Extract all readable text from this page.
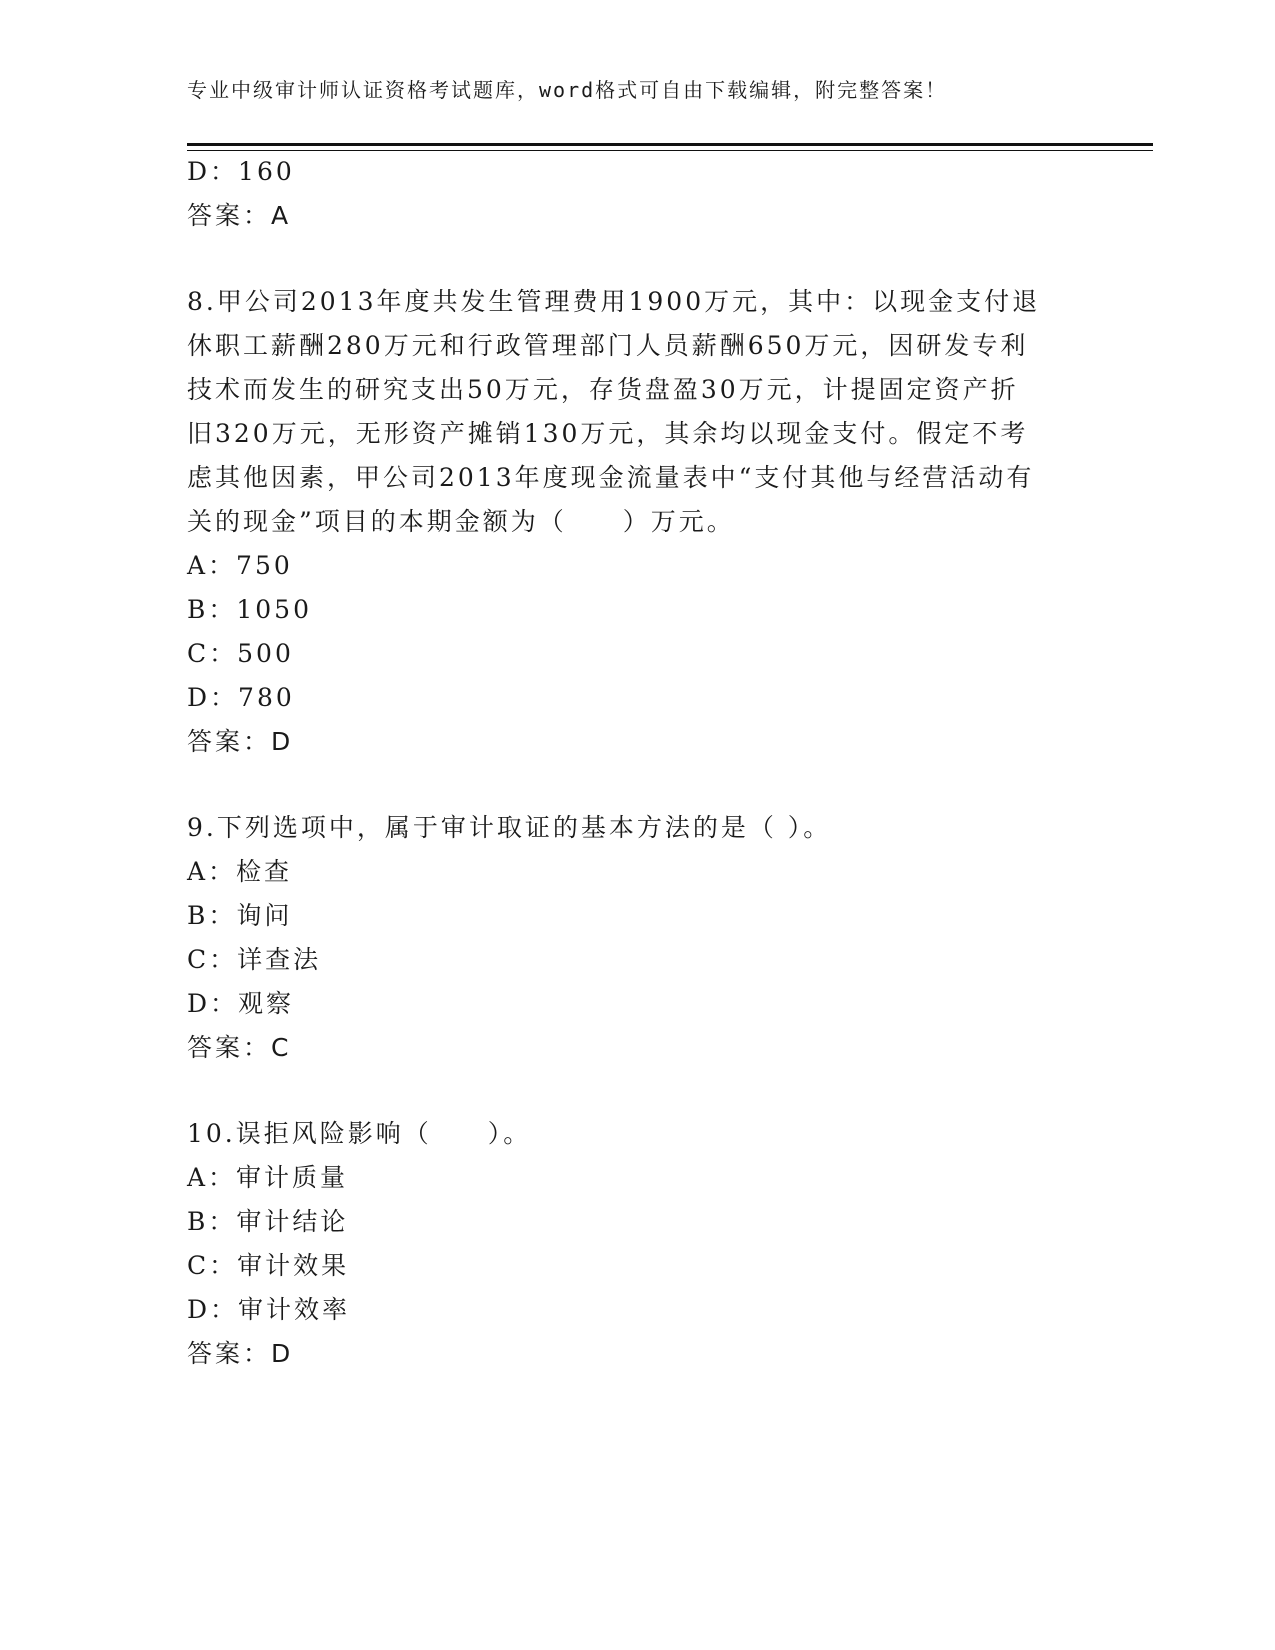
专业中级审计师认证资格考试题库，word格式可自由下载编辑，附完整答案！
D：160
答案：A
8.甲公司2013年度共发生管理费用1900万元，其中：以现金支付退
休职工薪酬280万元和行政管理部门人员薪酬650万元，因研发专利
技术而发生的研究支出50万元，存货盘盈30万元，计提固定资产折
旧320万元，无形资产摊销130万元，其余均以现金支付。假定不考
虑其他因素，甲公司2013年度现金流量表中“支付其他与经营活动有
关的现金”项目的本期金额为（　　）万元。
A：750
B：1050
C：500
D：780
答案：D
9.下列选项中，属于审计取证的基本方法的是（ ）。
A：检查
B：询问
C：详查法
D：观察
答案：C
10.误拒风险影响（　　）。
A：审计质量
B：审计结论
C：审计效果
D：审计效率
答案：D
